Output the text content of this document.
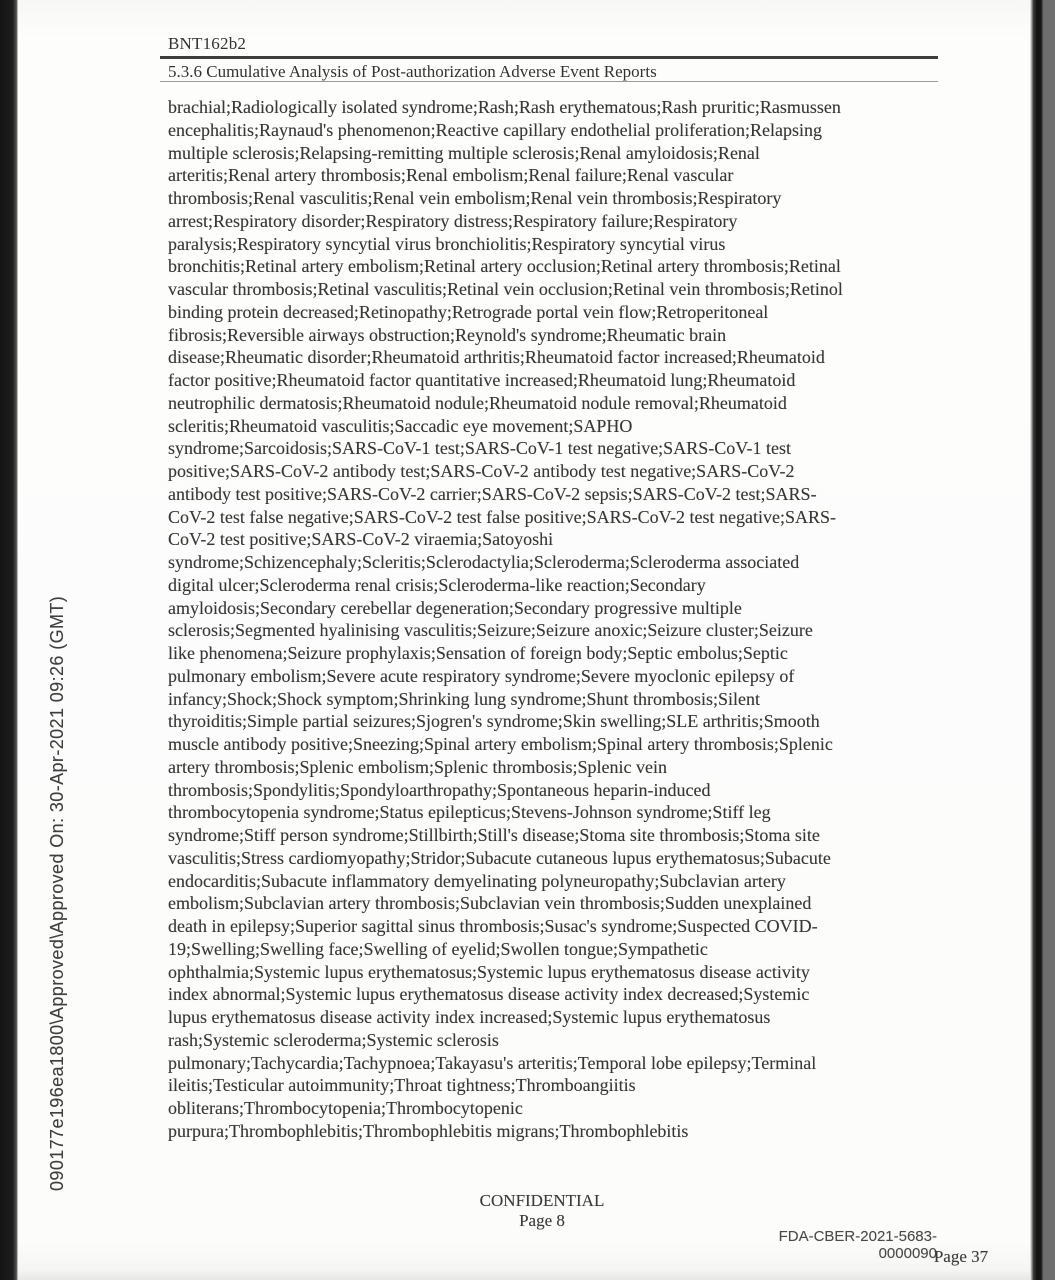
BNT162b2
5.3.6 Cumulative Analysis of Post-authorization Adverse Event Reports
brachial;Radiologically isolated syndrome;Rash;Rash erythematous;Rash pruritic;Rasmussen
encephalitis;Raynaud's phenomenon;Reactive capillary endothelial proliferation;Relapsing
multiple sclerosis;Relapsing-remitting multiple sclerosis;Renal amyloidosis;Renal
arteritis;Renal artery thrombosis;Renal embolism;Renal failure;Renal vascular
thrombosis;Renal vasculitis;Renal vein embolism;Renal vein thrombosis;Respiratory
arrest;Respiratory disorder;Respiratory distress;Respiratory failure;Respiratory
paralysis;Respiratory syncytial virus bronchiolitis;Respiratory syncytial virus
bronchitis;Retinal artery embolism;Retinal artery occlusion;Retinal artery thrombosis;Retinal
vascular thrombosis;Retinal vasculitis;Retinal vein occlusion;Retinal vein thrombosis;Retinol
binding protein decreased;Retinopathy;Retrograde portal vein flow;Retroperitoneal
fibrosis;Reversible airways obstruction;Reynold's syndrome;Rheumatic brain
disease;Rheumatic disorder;Rheumatoid arthritis;Rheumatoid factor increased;Rheumatoid
factor positive;Rheumatoid factor quantitative increased;Rheumatoid lung;Rheumatoid
neutrophilic dermatosis;Rheumatoid nodule;Rheumatoid nodule removal;Rheumatoid
scleritis;Rheumatoid vasculitis;Saccadic eye movement;SAPHO
syndrome;Sarcoidosis;SARS-CoV-1 test;SARS-CoV-1 test negative;SARS-CoV-1 test
positive;SARS-CoV-2 antibody test;SARS-CoV-2 antibody test negative;SARS-CoV-2
antibody test positive;SARS-CoV-2 carrier;SARS-CoV-2 sepsis;SARS-CoV-2 test;SARS-
CoV-2 test false negative;SARS-CoV-2 test false positive;SARS-CoV-2 test negative;SARS-
CoV-2 test positive;SARS-CoV-2 viraemia;Satoyoshi
syndrome;Schizencephaly;Scleritis;Sclerodactylia;Scleroderma;Scleroderma associated
digital ulcer;Scleroderma renal crisis;Scleroderma-like reaction;Secondary
amyloidosis;Secondary cerebellar degeneration;Secondary progressive multiple
sclerosis;Segmented hyalinising vasculitis;Seizure;Seizure anoxic;Seizure cluster;Seizure
like phenomena;Seizure prophylaxis;Sensation of foreign body;Septic embolus;Septic
pulmonary embolism;Severe acute respiratory syndrome;Severe myoclonic epilepsy of
infancy;Shock;Shock symptom;Shrinking lung syndrome;Shunt thrombosis;Silent
thyroiditis;Simple partial seizures;Sjogren's syndrome;Skin swelling;SLE arthritis;Smooth
muscle antibody positive;Sneezing;Spinal artery embolism;Spinal artery thrombosis;Splenic
artery thrombosis;Splenic embolism;Splenic thrombosis;Splenic vein
thrombosis;Spondylitis;Spondyloarthropathy;Spontaneous heparin-induced
thrombocytopenia syndrome;Status epilepticus;Stevens-Johnson syndrome;Stiff leg
syndrome;Stiff person syndrome;Stillbirth;Still's disease;Stoma site thrombosis;Stoma site
vasculitis;Stress cardiomyopathy;Stridor;Subacute cutaneous lupus erythematosus;Subacute
endocarditis;Subacute inflammatory demyelinating polyneuropathy;Subclavian artery
embolism;Subclavian artery thrombosis;Subclavian vein thrombosis;Sudden unexplained
death in epilepsy;Superior sagittal sinus thrombosis;Susac's syndrome;Suspected COVID-
19;Swelling;Swelling face;Swelling of eyelid;Swollen tongue;Sympathetic
ophthalmia;Systemic lupus erythematosus;Systemic lupus erythematosus disease activity
index abnormal;Systemic lupus erythematosus disease activity index decreased;Systemic
lupus erythematosus disease activity index increased;Systemic lupus erythematosus
rash;Systemic scleroderma;Systemic sclerosis
pulmonary;Tachycardia;Tachypnoea;Takayasu's arteritis;Temporal lobe epilepsy;Terminal
ileitis;Testicular autoimmunity;Throat tightness;Thromboangiitis
obliterans;Thrombocytopenia;Thrombocytopenic
purpura;Thrombophlebitis;Thrombophlebitis migrans;Thrombophlebitis
090177e196ea1800\Approved\Approved On: 30-Apr-2021 09:26 (GMT)
CONFIDENTIAL
Page 8
FDA-CBER-2021-5683-0000090
Page 37
